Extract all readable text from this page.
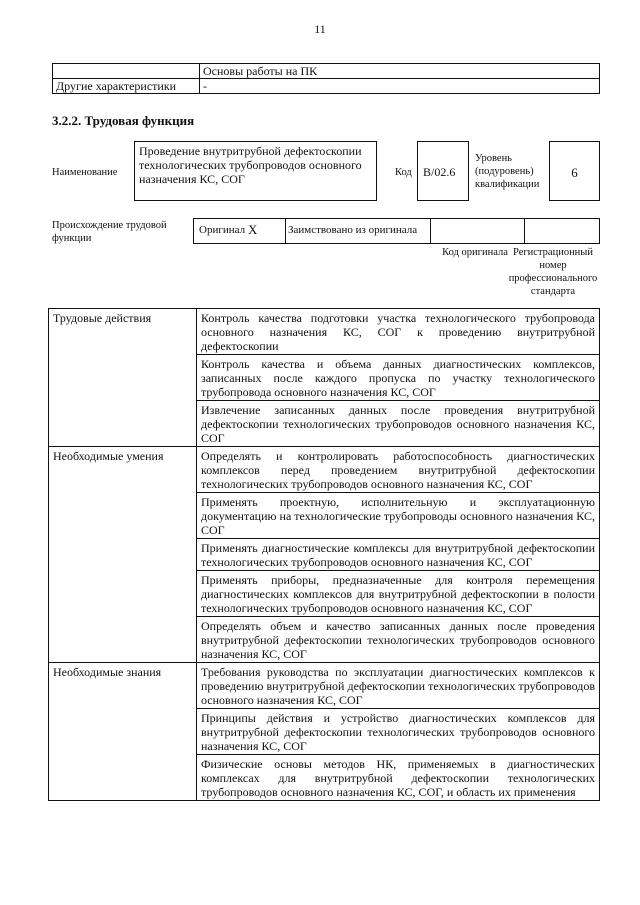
11
	Основы работы на ПК
Другие характеристики	-
3.2.2. Трудовая функция
Наименование
Проведение внутритрубной дефектоскопии технологических трубопроводов основного назначения КС, СОГ	Код B/02.6
Уровень (подуровень) квалификации
6
Происхождение трудовой функции
Оригинал X	Заимствовано из оригинала
Код оригинала Регистрационный номер профессионального стандарта
Трудовые действия	Контроль качества подготовки участка технологического трубопровода основного назначения КС, СОГ к проведению внутритрубной дефектоскопии
	Контроль качества и объема данных диагностических комплексов, записанных после каждого пропуска по участку технологического трубопровода основного назначения КС, СОГ
	Извлечение записанных данных после проведения внутритрубной дефектоскопии технологических трубопроводов основного назначения КС, СОГ
Необходимые умения	Определять и контролировать работоспособность диагностических комплексов перед проведением внутритрубной дефектоскопии технологических трубопроводов основного назначения КС, СОГ
	Применять проектную, исполнительную и эксплуатационную документацию на технологические трубопроводы основного назначения КС, СОГ
	Применять диагностические комплексы для внутритрубной дефектоскопии технологических трубопроводов основного назначения КС, СОГ
	Применять приборы, предназначенные для контроля перемещения диагностических комплексов для внутритрубной дефектоскопии в полости технологических трубопроводов основного назначения КС, СОГ
	Определять объем и качество записанных данных после проведения внутритрубной дефектоскопии технологических трубопроводов основного назначения КС, СОГ
Необходимые знания	Требования руководства по эксплуатации диагностических комплексов к проведению внутритрубной дефектоскопии технологических трубопроводов основного назначения КС, СОГ
	Принципы действия и устройство диагностических комплексов для внутритрубной дефектоскопии технологических трубопроводов основного назначения КС, СОГ
	Физические основы методов НК, применяемых в диагностических комплексах для внутритрубной дефектоскопии технологических трубопроводов основного назначения КС, СОГ, и область их применения
